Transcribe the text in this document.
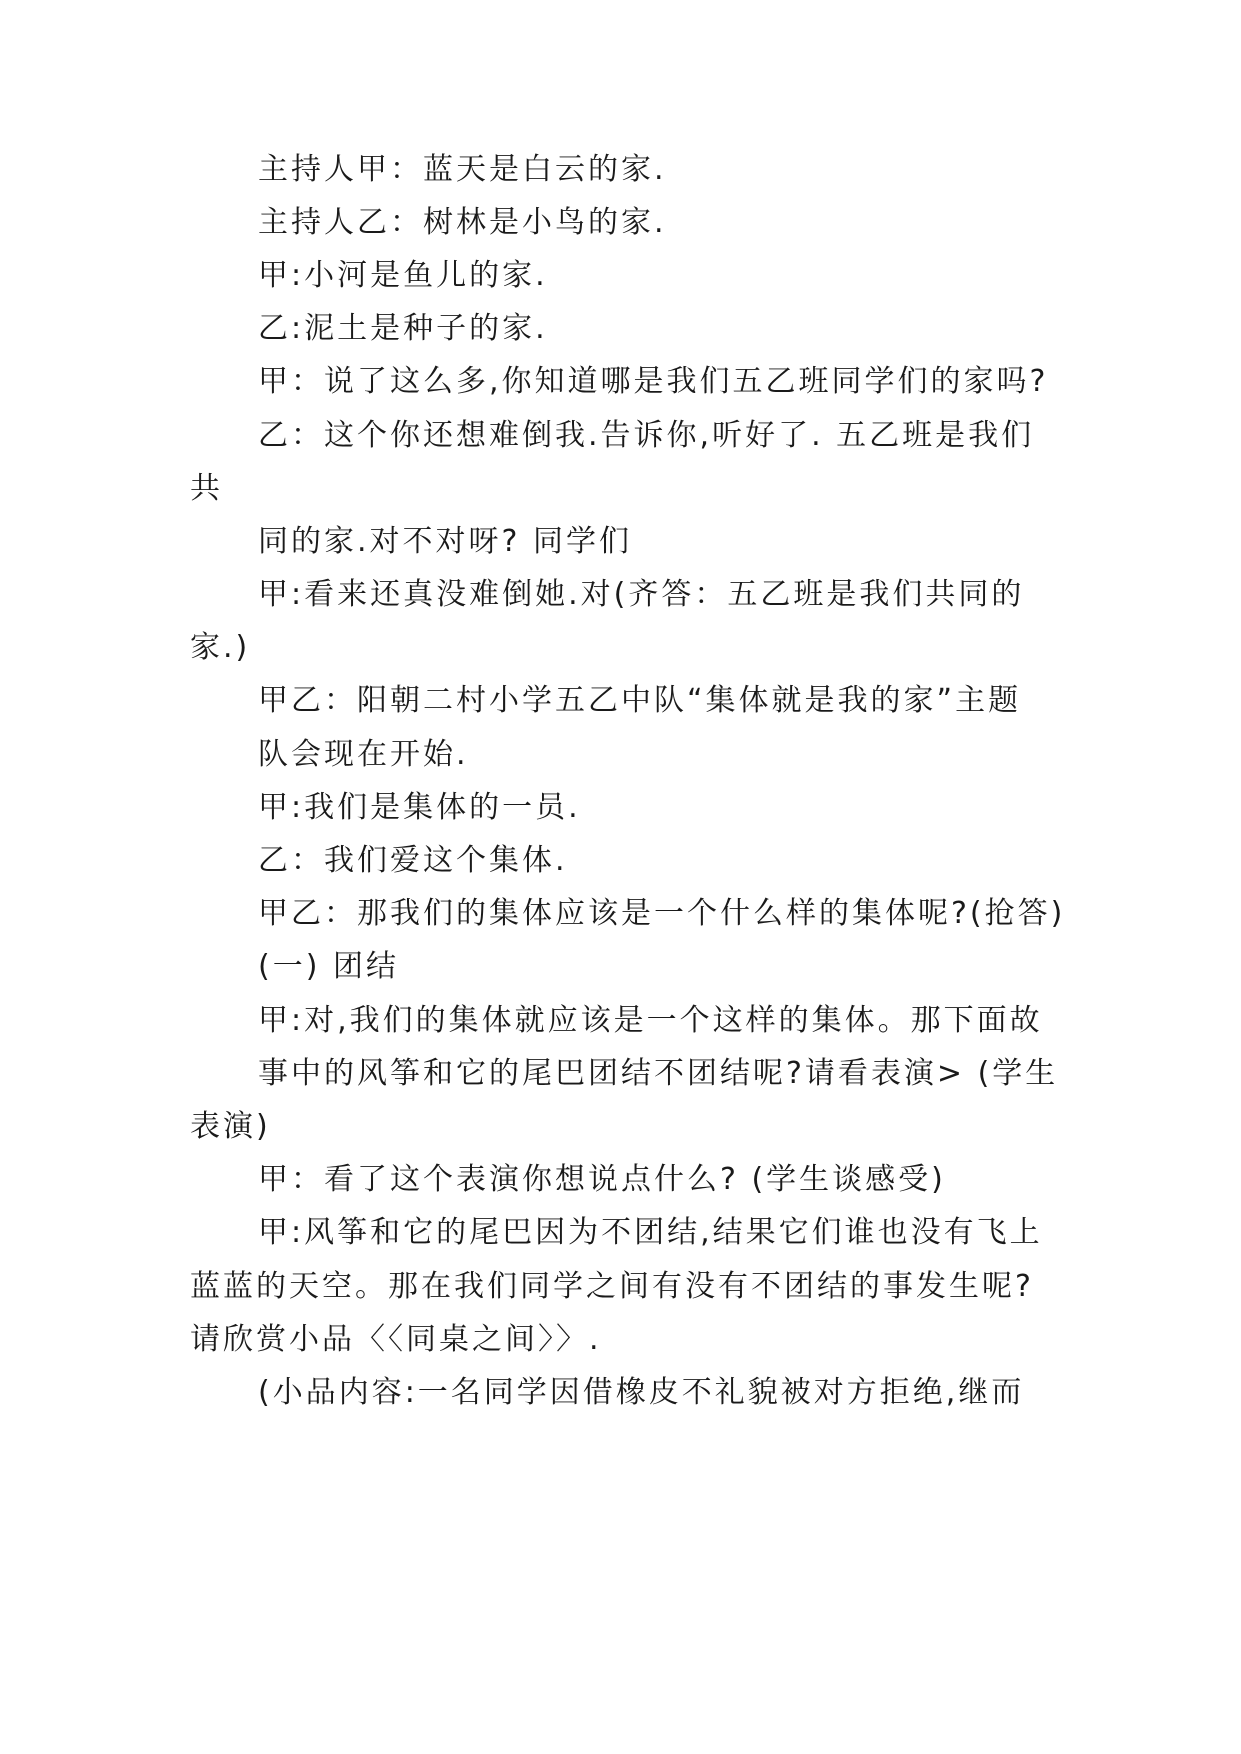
主持人甲：蓝天是白云的家.

主持人乙：树林是小鸟的家.

甲:小河是鱼儿的家.

乙:泥土是种子的家.

甲：说了这么多,你知道哪是我们五乙班同学们的家吗?

乙：这个你还想难倒我.告诉你,听好了. 五乙班是我们

共

同的家.对不对呀? 同学们

甲:看来还真没难倒她.对(齐答：五乙班是我们共同的

家.)

甲乙：阳朝二村小学五乙中队“集体就是我的家”主题

队会现在开始.

甲:我们是集体的一员.

乙：我们爱这个集体.

甲乙：那我们的集体应该是一个什么样的集体呢?(抢答)

(一) 团结

甲:对,我们的集体就应该是一个这样的集体。那下面故

事中的风筝和它的尾巴团结不团结呢?请看表演> (学生

表演)

甲：看了这个表演你想说点什么? (学生谈感受)

甲:风筝和它的尾巴因为不团结,结果它们谁也没有飞上

蓝蓝的天空。那在我们同学之间有没有不团结的事发生呢?

请欣赏小品〈〈同桌之间〉〉.

(小品内容:一名同学因借橡皮不礼貌被对方拒绝,继而
